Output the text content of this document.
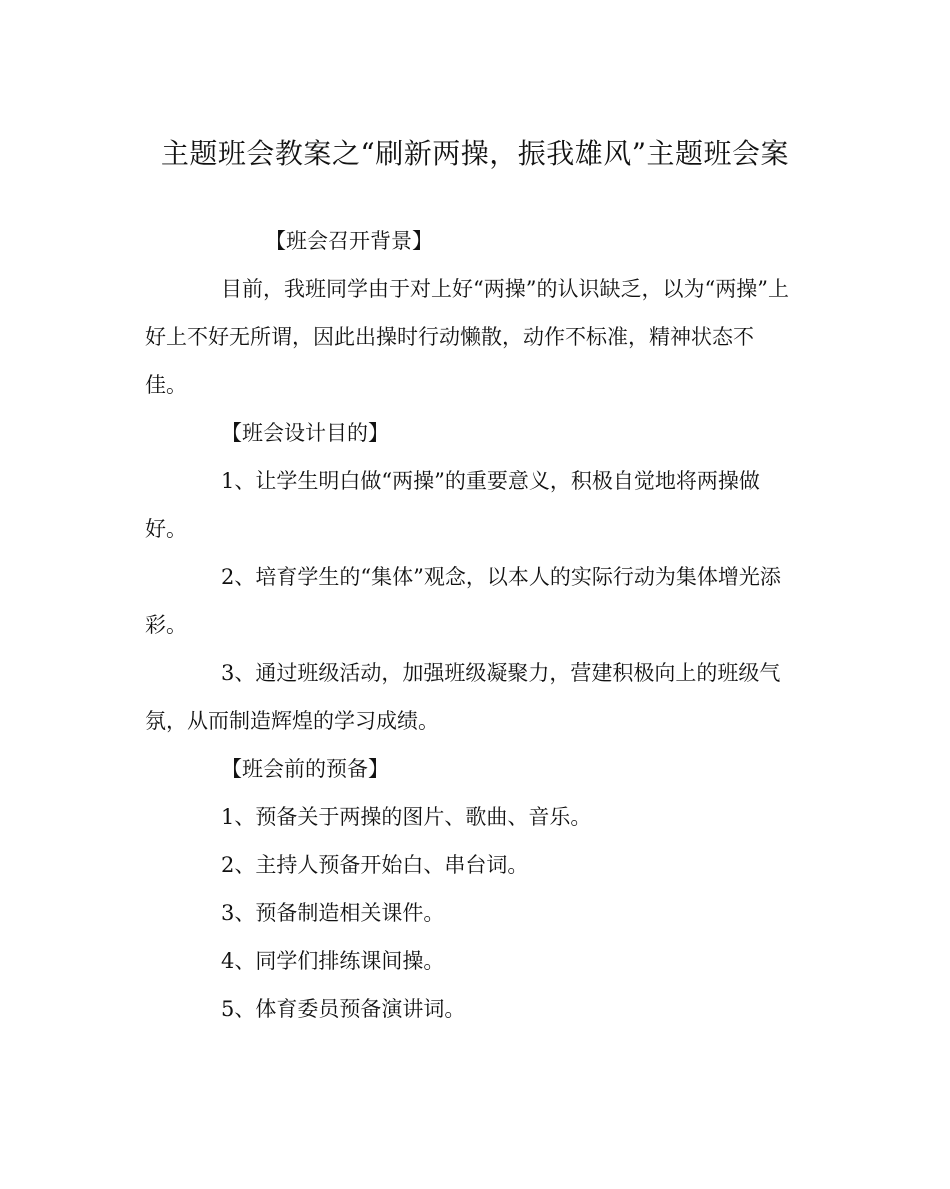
主题班会教案之“刷新两操，振我雄风”主题班会案

【班会召开背景】

目前，我班同学由于对上好“两操”的认识缺乏，以为“两操”上

好上不好无所谓，因此出操时行动懒散，动作不标准，精神状态不

佳。

【班会设计目的】

1、让学生明白做“两操”的重要意义，积极自觉地将两操做

好。

2、培育学生的“集体”观念，以本人的实际行动为集体增光添

彩。

3、通过班级活动，加强班级凝聚力，营建积极向上的班级气

氛，从而制造辉煌的学习成绩。

【班会前的预备】

1、预备关于两操的图片、歌曲、音乐。

2、主持人预备开始白、串台词。

3、预备制造相关课件。

4、同学们排练课间操。

5、体育委员预备演讲词。
